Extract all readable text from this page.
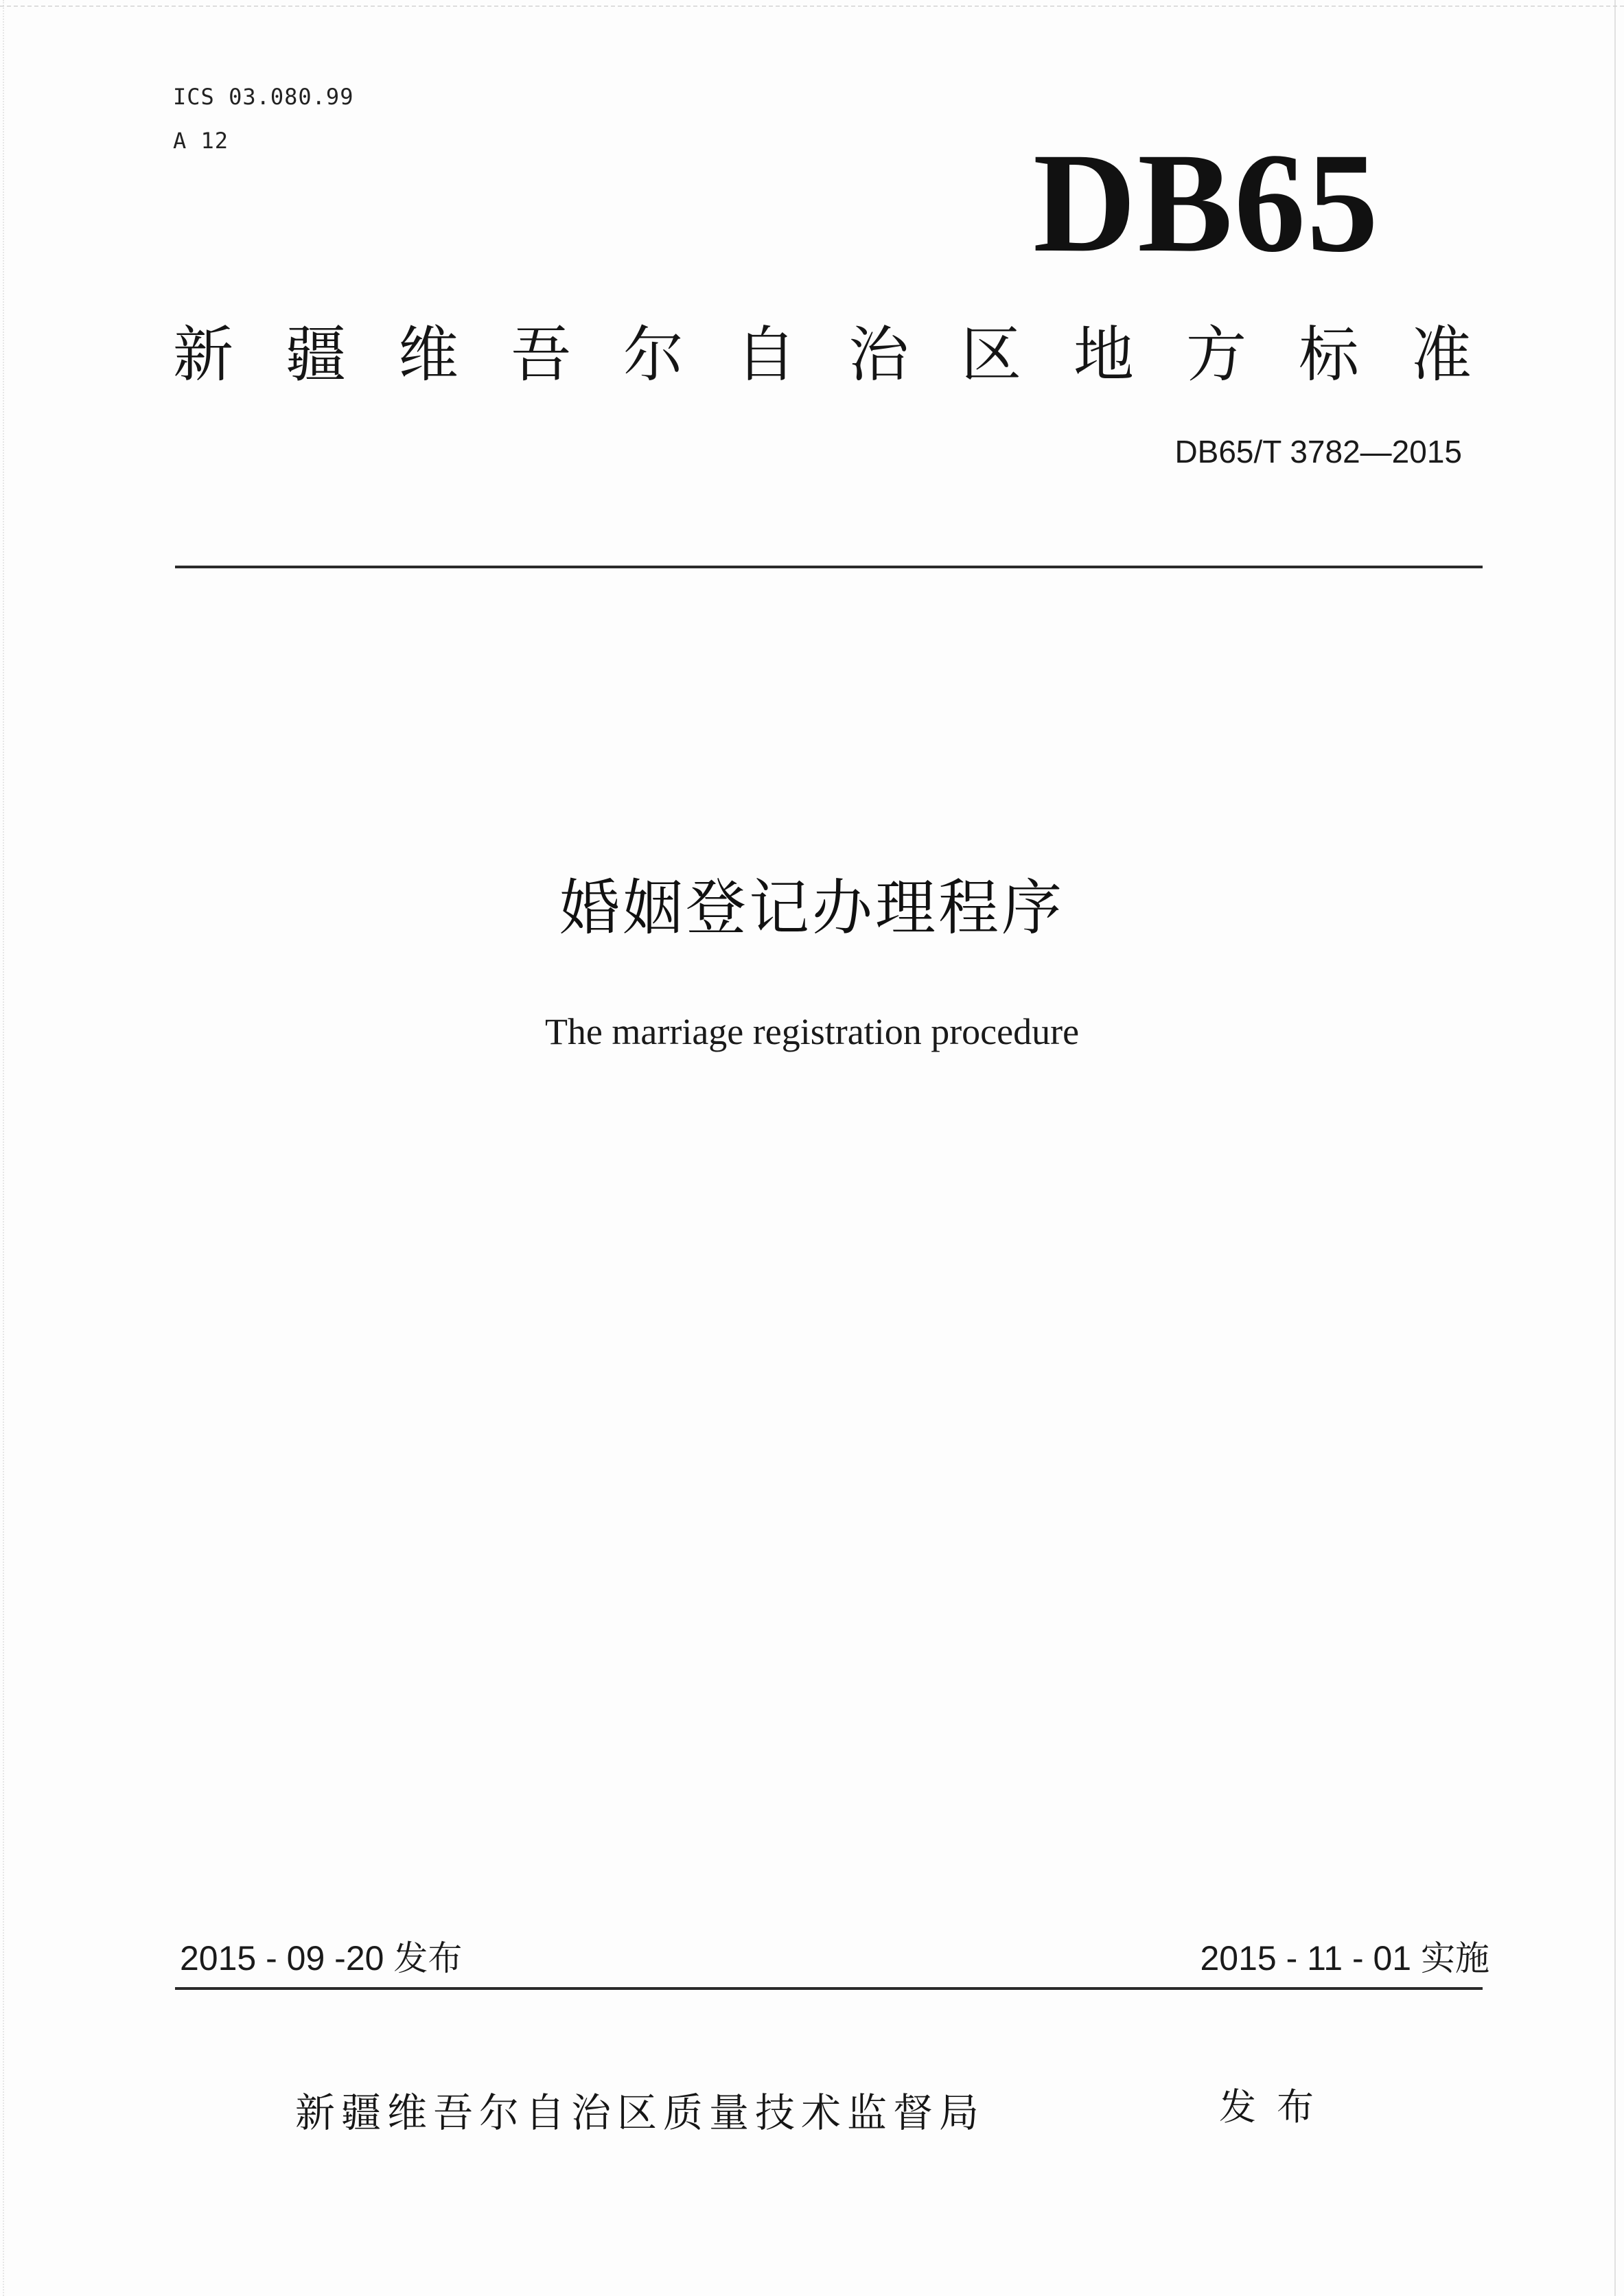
ICS 03.080.99
A 12	DB65
新疆维吾尔自治区地方标准
DB65/T 3782—2015
婚姻登记办理程序
The marriage registration procedure
2015 - 09 -20 发布	2015 - 11 - 01 实施
新疆维吾尔自治区质量技术监督局	发布
